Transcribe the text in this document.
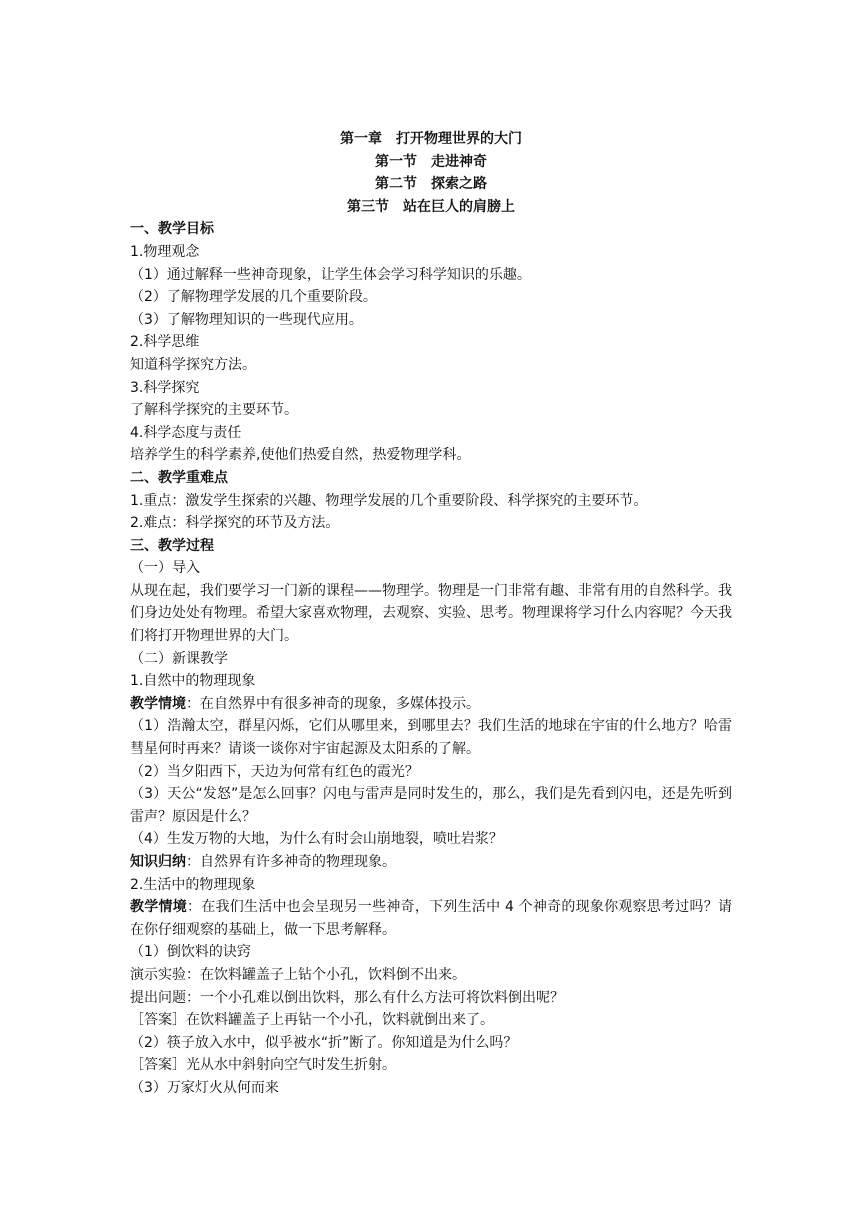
第一章　打开物理世界的大门
第一节　走进神奇
第二节　探索之路
第三节　站在巨人的肩膀上
一、教学目标
1.物理观念
（1）通过解释一些神奇现象，让学生体会学习科学知识的乐趣。
（2）了解物理学发展的几个重要阶段。
（3）了解物理知识的一些现代应用。
2.科学思维
知道科学探究方法。
3.科学探究
了解科学探究的主要环节。
4.科学态度与责任
培养学生的科学素养,使他们热爱自然，热爱物理学科。
二、教学重难点
1.重点：激发学生探索的兴趣、物理学发展的几个重要阶段、科学探究的主要环节。
2.难点：科学探究的环节及方法。
三、教学过程
（一）导入
从现在起，我们要学习一门新的课程——物理学。物理是一门非常有趣、非常有用的自然科学。我们身边处处有物理。希望大家喜欢物理，去观察、实验、思考。物理课将学习什么内容呢？今天我们将打开物理世界的大门。
（二）新课教学
1.自然中的物理现象
教学情境：在自然界中有很多神奇的现象，多媒体投示。
（1）浩瀚太空，群星闪烁，它们从哪里来，到哪里去？我们生活的地球在宇宙的什么地方？哈雷彗星何时再来？请谈一谈你对宇宙起源及太阳系的了解。
（2）当夕阳西下，天边为何常有红色的霞光？
（3）天公“发怒”是怎么回事？闪电与雷声是同时发生的，那么，我们是先看到闪电，还是先听到雷声？原因是什么？
（4）生发万物的大地，为什么有时会山崩地裂，喷吐岩浆？
知识归纳：自然界有许多神奇的物理现象。
2.生活中的物理现象
教学情境：在我们生活中也会呈现另一些神奇，下列生活中 4 个神奇的现象你观察思考过吗？请在你仔细观察的基础上，做一下思考解释。
（1）倒饮料的诀窍
演示实验：在饮料罐盖子上钻个小孔，饮料倒不出来。
提出问题：一个小孔难以倒出饮料，那么有什么方法可将饮料倒出呢？
［答案］在饮料罐盖子上再钻一个小孔，饮料就倒出来了。
（2）筷子放入水中，似乎被水“折”断了。你知道是为什么吗？
［答案］光从水中斜射向空气时发生折射。
（3）万家灯火从何而来
